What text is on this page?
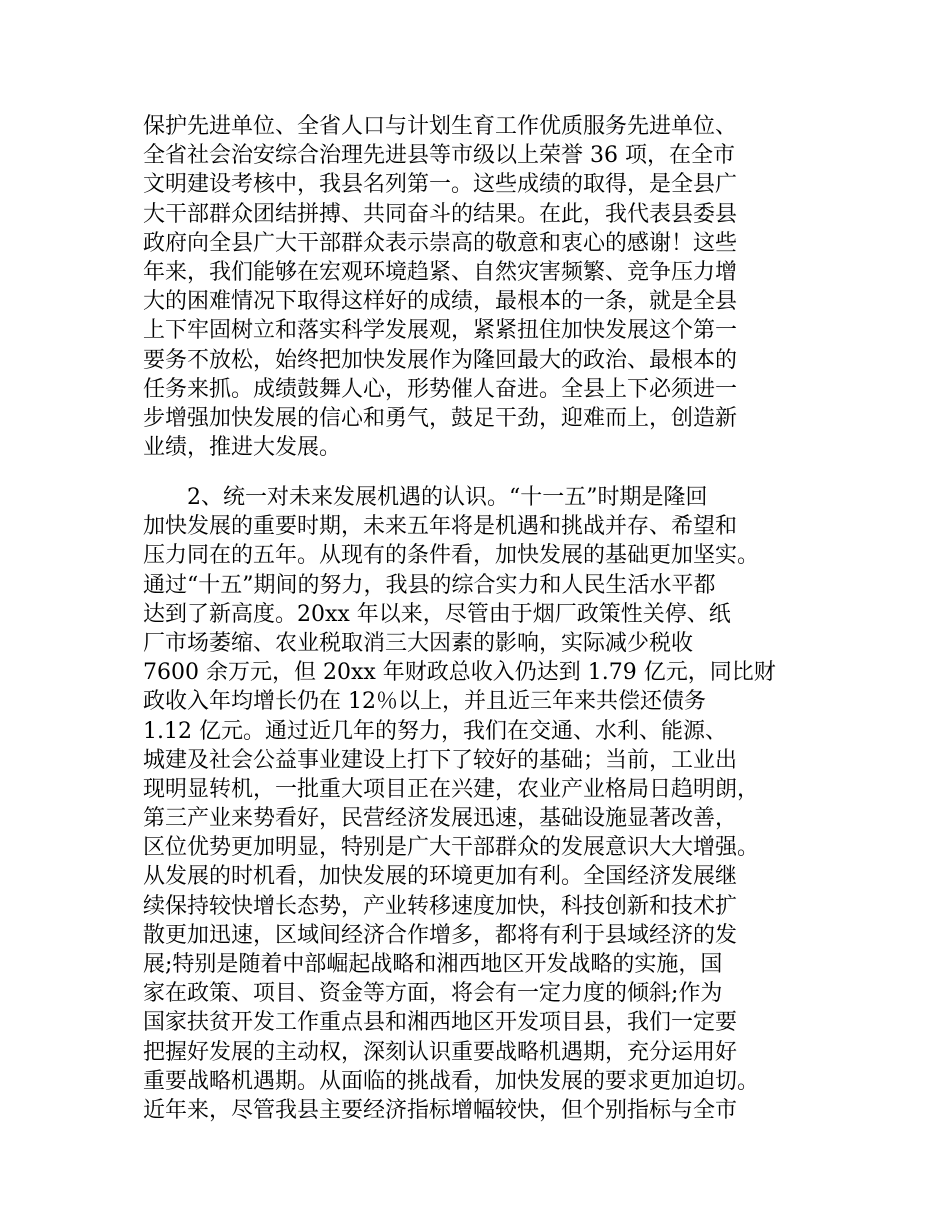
保护先进单位、全省人口与计划生育工作优质服务先进单位、
全省社会治安综合治理先进县等市级以上荣誉 36 项，在全市
文明建设考核中，我县名列第一。这些成绩的取得，是全县广
大干部群众团结拼搏、共同奋斗的结果。在此，我代表县委县
政府向全县广大干部群众表示崇高的敬意和衷心的感谢！这些
年来，我们能够在宏观环境趋紧、自然灾害频繁、竞争压力增
大的困难情况下取得这样好的成绩，最根本的一条，就是全县
上下牢固树立和落实科学发展观，紧紧扭住加快发展这个第一
要务不放松，始终把加快发展作为隆回最大的政治、最根本的
任务来抓。成绩鼓舞人心，形势催人奋进。全县上下必须进一
步增强加快发展的信心和勇气，鼓足干劲，迎难而上，创造新
业绩，推进大发展。
　　2、统一对未来发展机遇的认识。“十一五”时期是隆回
加快发展的重要时期，未来五年将是机遇和挑战并存、希望和
压力同在的五年。从现有的条件看，加快发展的基础更加坚实。
通过“十五”期间的努力，我县的综合实力和人民生活水平都
达到了新高度。20xx 年以来，尽管由于烟厂政策性关停、纸
厂市场萎缩、农业税取消三大因素的影响，实际减少税收
7600 余万元，但 20xx 年财政总收入仍达到 1.79 亿元，同比财
政收入年均增长仍在 12％以上，并且近三年来共偿还债务
1.12 亿元。通过近几年的努力，我们在交通、水利、能源、
城建及社会公益事业建设上打下了较好的基础；当前，工业出
现明显转机，一批重大项目正在兴建，农业产业格局日趋明朗，
第三产业来势看好，民营经济发展迅速，基础设施显著改善，
区位优势更加明显，特别是广大干部群众的发展意识大大增强。
从发展的时机看，加快发展的环境更加有利。全国经济发展继
续保持较快增长态势，产业转移速度加快，科技创新和技术扩
散更加迅速，区域间经济合作增多，都将有利于县域经济的发
展;特别是随着中部崛起战略和湘西地区开发战略的实施，国
家在政策、项目、资金等方面，将会有一定力度的倾斜;作为
国家扶贫开发工作重点县和湘西地区开发项目县，我们一定要
把握好发展的主动权，深刻认识重要战略机遇期，充分运用好
重要战略机遇期。从面临的挑战看，加快发展的要求更加迫切。
近年来，尽管我县主要经济指标增幅较快，但个别指标与全市
